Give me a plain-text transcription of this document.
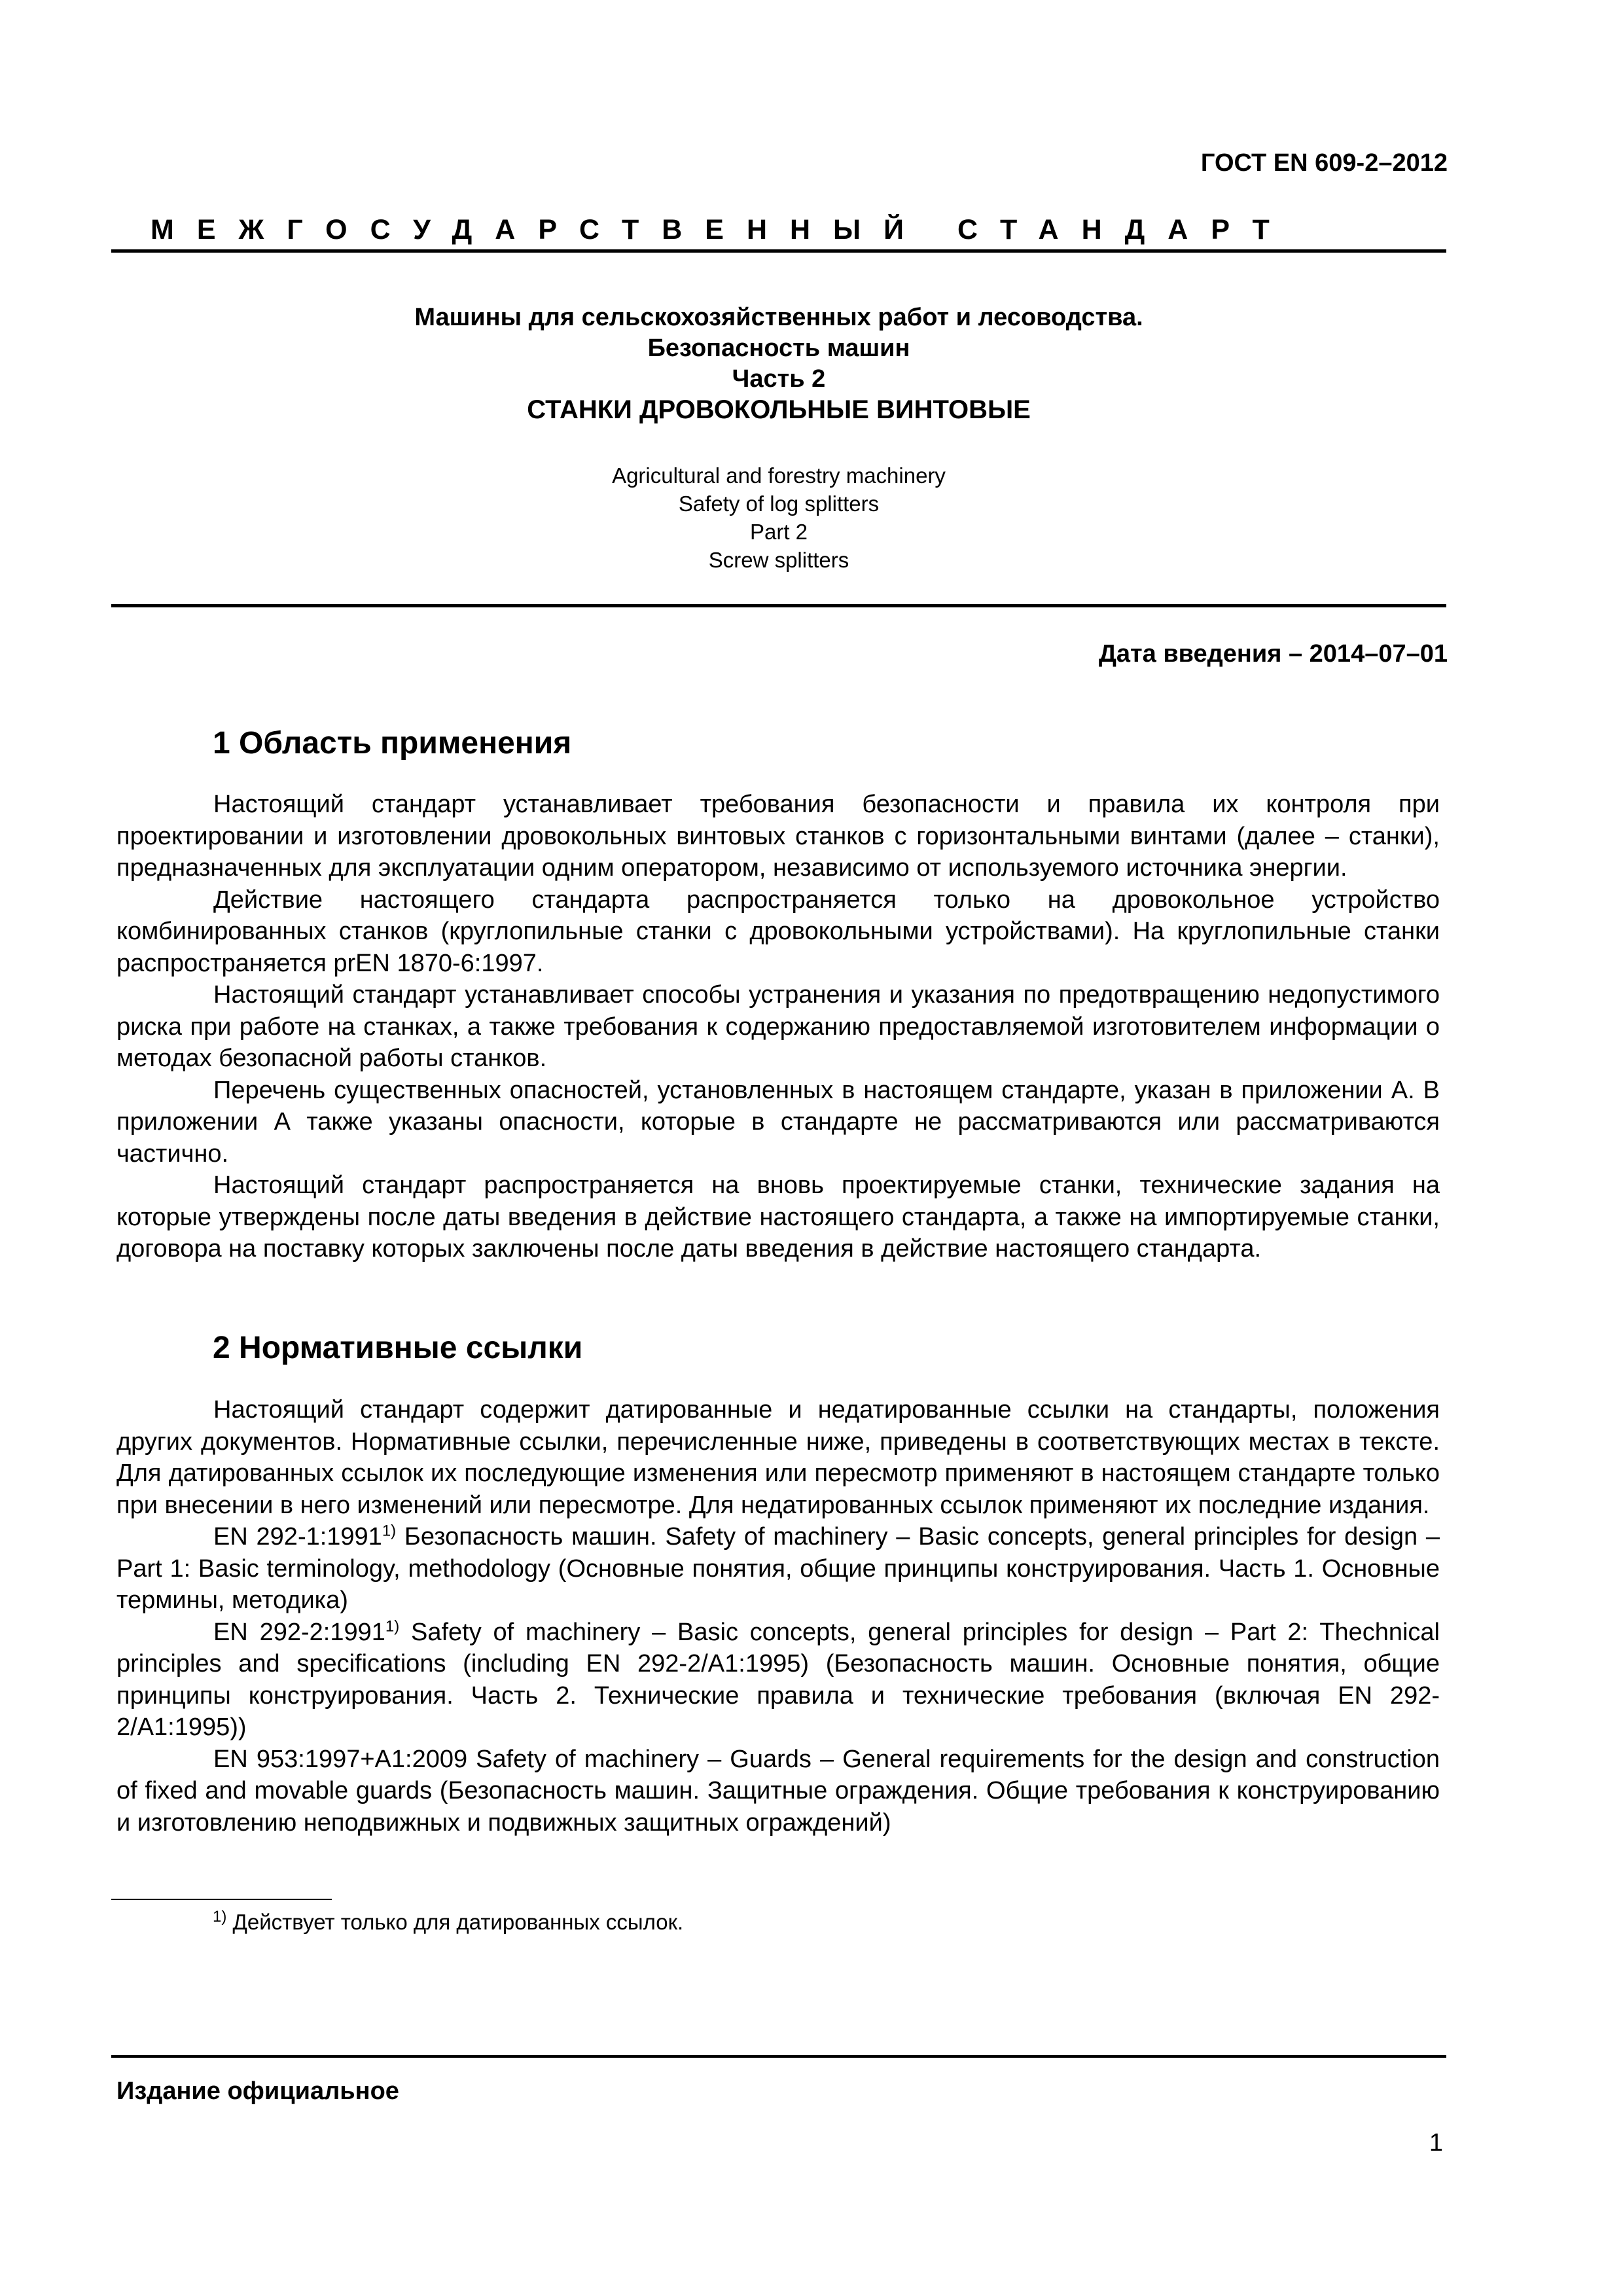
ГОСТ EN 609-2–2012
МЕЖГОСУДАРСТВЕННЫЙ СТАНДАРТ
Машины для сельскохозяйственных работ и лесоводства.
Безопасность машин
Часть 2
СТАНКИ ДРОВОКОЛЬНЫЕ ВИНТОВЫЕ
Agricultural and forestry machinery
Safety of log splitters
Part 2
Screw splitters
Дата введения – 2014–07–01
1 Область применения

Настоящий стандарт устанавливает требования безопасности и правила их контроля при проектировании и изготовлении дровокольных винтовых станков с горизонтальными винтами (далее – станки), предназначенных для эксплуатации одним оператором, независимо от используемого источника энергии.

Действие настоящего стандарта распространяется только на дровокольное устройство комбинированных станков (круглопильные станки с дровокольными устройствами). На круглопильные станки распространяется prEN 1870-6:1997.

Настоящий стандарт устанавливает способы устранения и указания по предотвращению недопустимого риска при работе на станках, а также требования к содержанию предоставляемой изготовителем информации о методах безопасной работы станков.

Перечень существенных опасностей, установленных в настоящем стандарте, указан в приложении А. В приложении А также указаны опасности, которые в стандарте не рассматриваются или рассматриваются частично.

Настоящий стандарт распространяется на вновь проектируемые станки, технические задания на которые утверждены после даты введения в действие настоящего стандарта, а также на импортируемые станки, договора на поставку которых заключены после даты введения в действие настоящего стандарта.

2 Нормативные ссылки

Настоящий стандарт содержит датированные и недатированные ссылки на стандарты, положения других документов. Нормативные ссылки, перечисленные ниже, приведены в соответствующих местах в тексте. Для датированных ссылок их последующие изменения или пересмотр применяют в настоящем стандарте только при внесении в него изменений или пересмотре. Для недатированных ссылок применяют их последние издания.

EN 292-1:1991$^{1)}$ Безопасность машин. Safety of machinery – Basic concepts, general principles for design – Part 1: Basic terminology, methodology (Основные понятия, общие принципы конструирования. Часть 1. Основные термины, методика)

EN 292-2:1991$^{1)}$ Safety of machinery – Basic concepts, general principles for design – Part 2: Thechnical principles and specifications (including EN 292-2/A1:1995) (Безопасность машин. Основные понятия, общие принципы конструирования. Часть 2. Технические правила и технические требования (включая EN 292-2/A1:1995))

EN 953:1997+A1:2009 Safety of machinery – Guards – General requirements for the design and construction of fixed and movable guards (Безопасность машин. Защитные ограждения. Общие требования к конструированию и изготовлению неподвижных и подвижных защитных ограждений)

$^{1)}$ Действует только для датированных ссылок.
Издание официальное
1
